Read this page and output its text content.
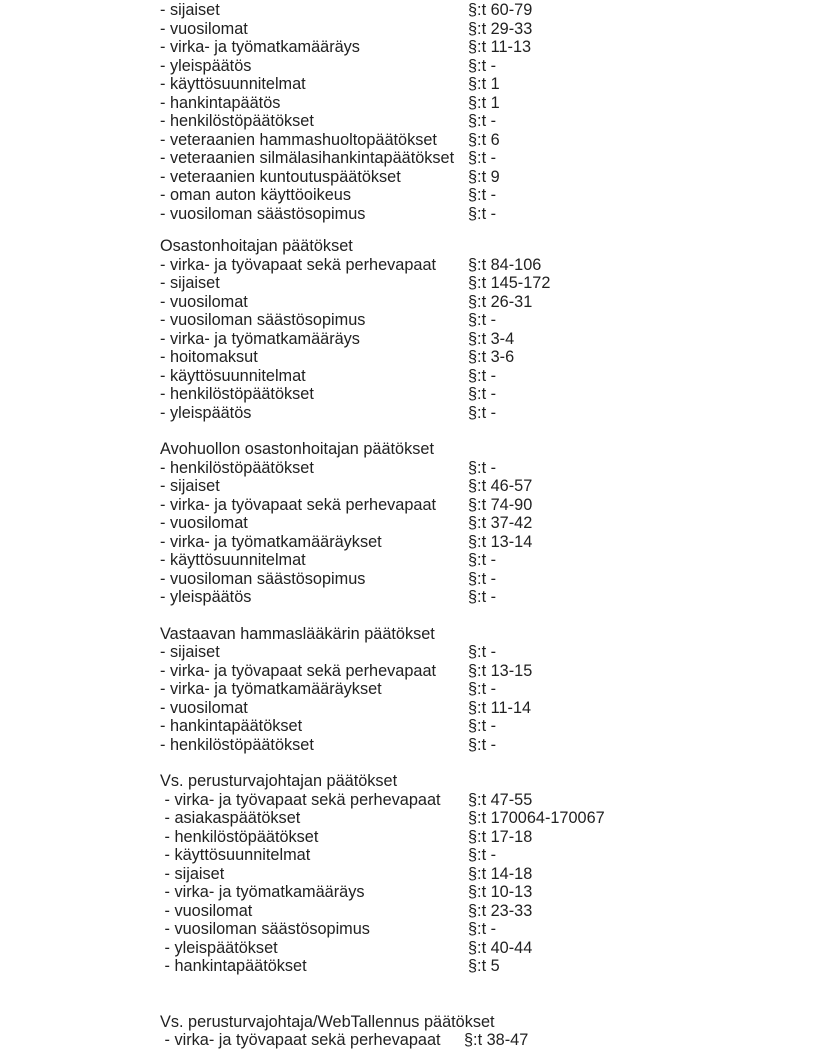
- sijaiset	§:t 60-79
- vuosilomat	§:t 29-33
- virka- ja työmatkamääräys	§:t 11-13
- yleispäätös	§:t -
- käyttösuunnitelmat	§:t 1
- hankintapäätös	§:t 1
- henkilöstöpäätökset	§:t -
- veteraanien hammashuoltopäätökset §:t 6
- veteraanien silmälasihankintapäätökset §:t -
- veteraanien kuntoutuspäätökset	§:t 9
- oman auton käyttöoikeus	§:t -
- vuosiloman säästösopimus	§:t -
Osastonhoitajan päätökset
- virka- ja työvapaat sekä perhevapaat §:t 84-106
- sijaiset	§:t 145-172
- vuosilomat	§:t 26-31
- vuosiloman säästösopimus	§:t -
- virka- ja työmatkamääräys	§:t 3-4
- hoitomaksut	§:t 3-6
- käyttösuunnitelmat	§:t -
- henkilöstöpäätökset	§:t -
- yleispäätös	§:t -
Avohuollon osastonhoitajan päätökset
- henkilöstöpäätökset	§:t -
- sijaiset	§:t 46-57
- virka- ja työvapaat sekä perhevapaat §:t 74-90
- vuosilomat	§:t 37-42
- virka- ja työmatkamääräykset	§:t 13-14
- käyttösuunnitelmat	§:t -
- vuosiloman säästösopimus	§:t -
- yleispäätös	§:t -
Vastaavan hammaslääkärin päätökset
- sijaiset	§:t -
- virka- ja työvapaat sekä perhevapaat §:t 13-15
- virka- ja työmatkamääräykset	§:t -
- vuosilomat	§:t 11-14
- hankintapäätökset	§:t -
- henkilöstöpäätökset	§:t -
Vs. perusturvajohtajan päätökset
- virka- ja työvapaat sekä perhevapaat §:t 47-55
- asiakaspäätökset	§:t 170064-170067
- henkilöstöpäätökset	§:t 17-18
- käyttösuunnitelmat	§:t -
- sijaiset	§:t 14-18
- virka- ja työmatkamääräys	§:t 10-13
- vuosilomat	§:t 23-33
- vuosiloman säästösopimus	§:t -
- yleispäätökset	§:t 40-44
- hankintapäätökset	§:t 5
Vs. perusturvajohtaja/WebTallennus päätökset
- virka- ja työvapaat sekä perhevapaat §:t 38-47
